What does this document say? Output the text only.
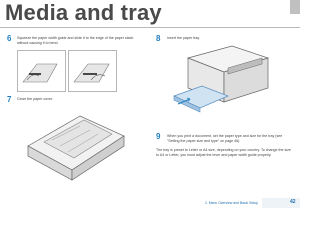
Media and tray
6 Squeeze the paper width guide and slide it to the edge of the paper stack without causing it to bend.
7 Close the paper cover.
8 Insert the paper tray.
9 When you print a document, set the paper type and size for the tray (see "Setting the paper size and type" on page 46).
The tray is preset to Letter or A4 size, depending on your country. To change the size to A4 or Letter, you must adjust the lever and paper width guide properly.
2. Menu Overview and Basic Setup	42
